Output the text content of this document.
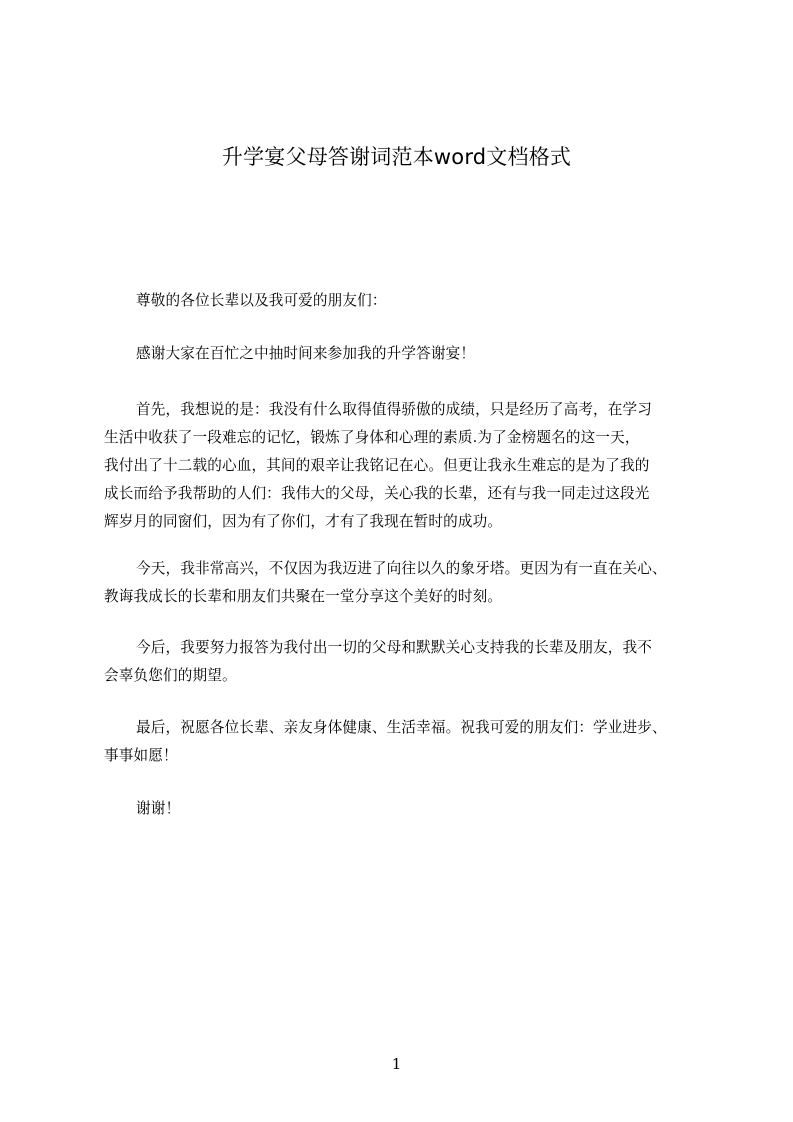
升学宴父母答谢词范本word文档格式
尊敬的各位长辈以及我可爱的朋友们：
感谢大家在百忙之中抽时间来参加我的升学答谢宴！
首先，我想说的是：我没有什么取得值得骄傲的成绩，只是经历了高考，在学习
生活中收获了一段难忘的记忆，锻炼了身体和心理的素质.为了金榜题名的这一天，
我付出了十二载的心血，其间的艰辛让我铭记在心。但更让我永生难忘的是为了我的
成长而给予我帮助的人们：我伟大的父母，关心我的长辈，还有与我一同走过这段光
辉岁月的同窗们，因为有了你们，才有了我现在暂时的成功。
今天，我非常高兴，不仅因为我迈进了向往以久的象牙塔。更因为有一直在关心、
教诲我成长的长辈和朋友们共聚在一堂分享这个美好的时刻。
今后，我要努力报答为我付出一切的父母和默默关心支持我的长辈及朋友，我不
会辜负您们的期望。
最后，祝愿各位长辈、亲友身体健康、生活幸福。祝我可爱的朋友们：学业进步、
事事如愿！
谢谢！
1
